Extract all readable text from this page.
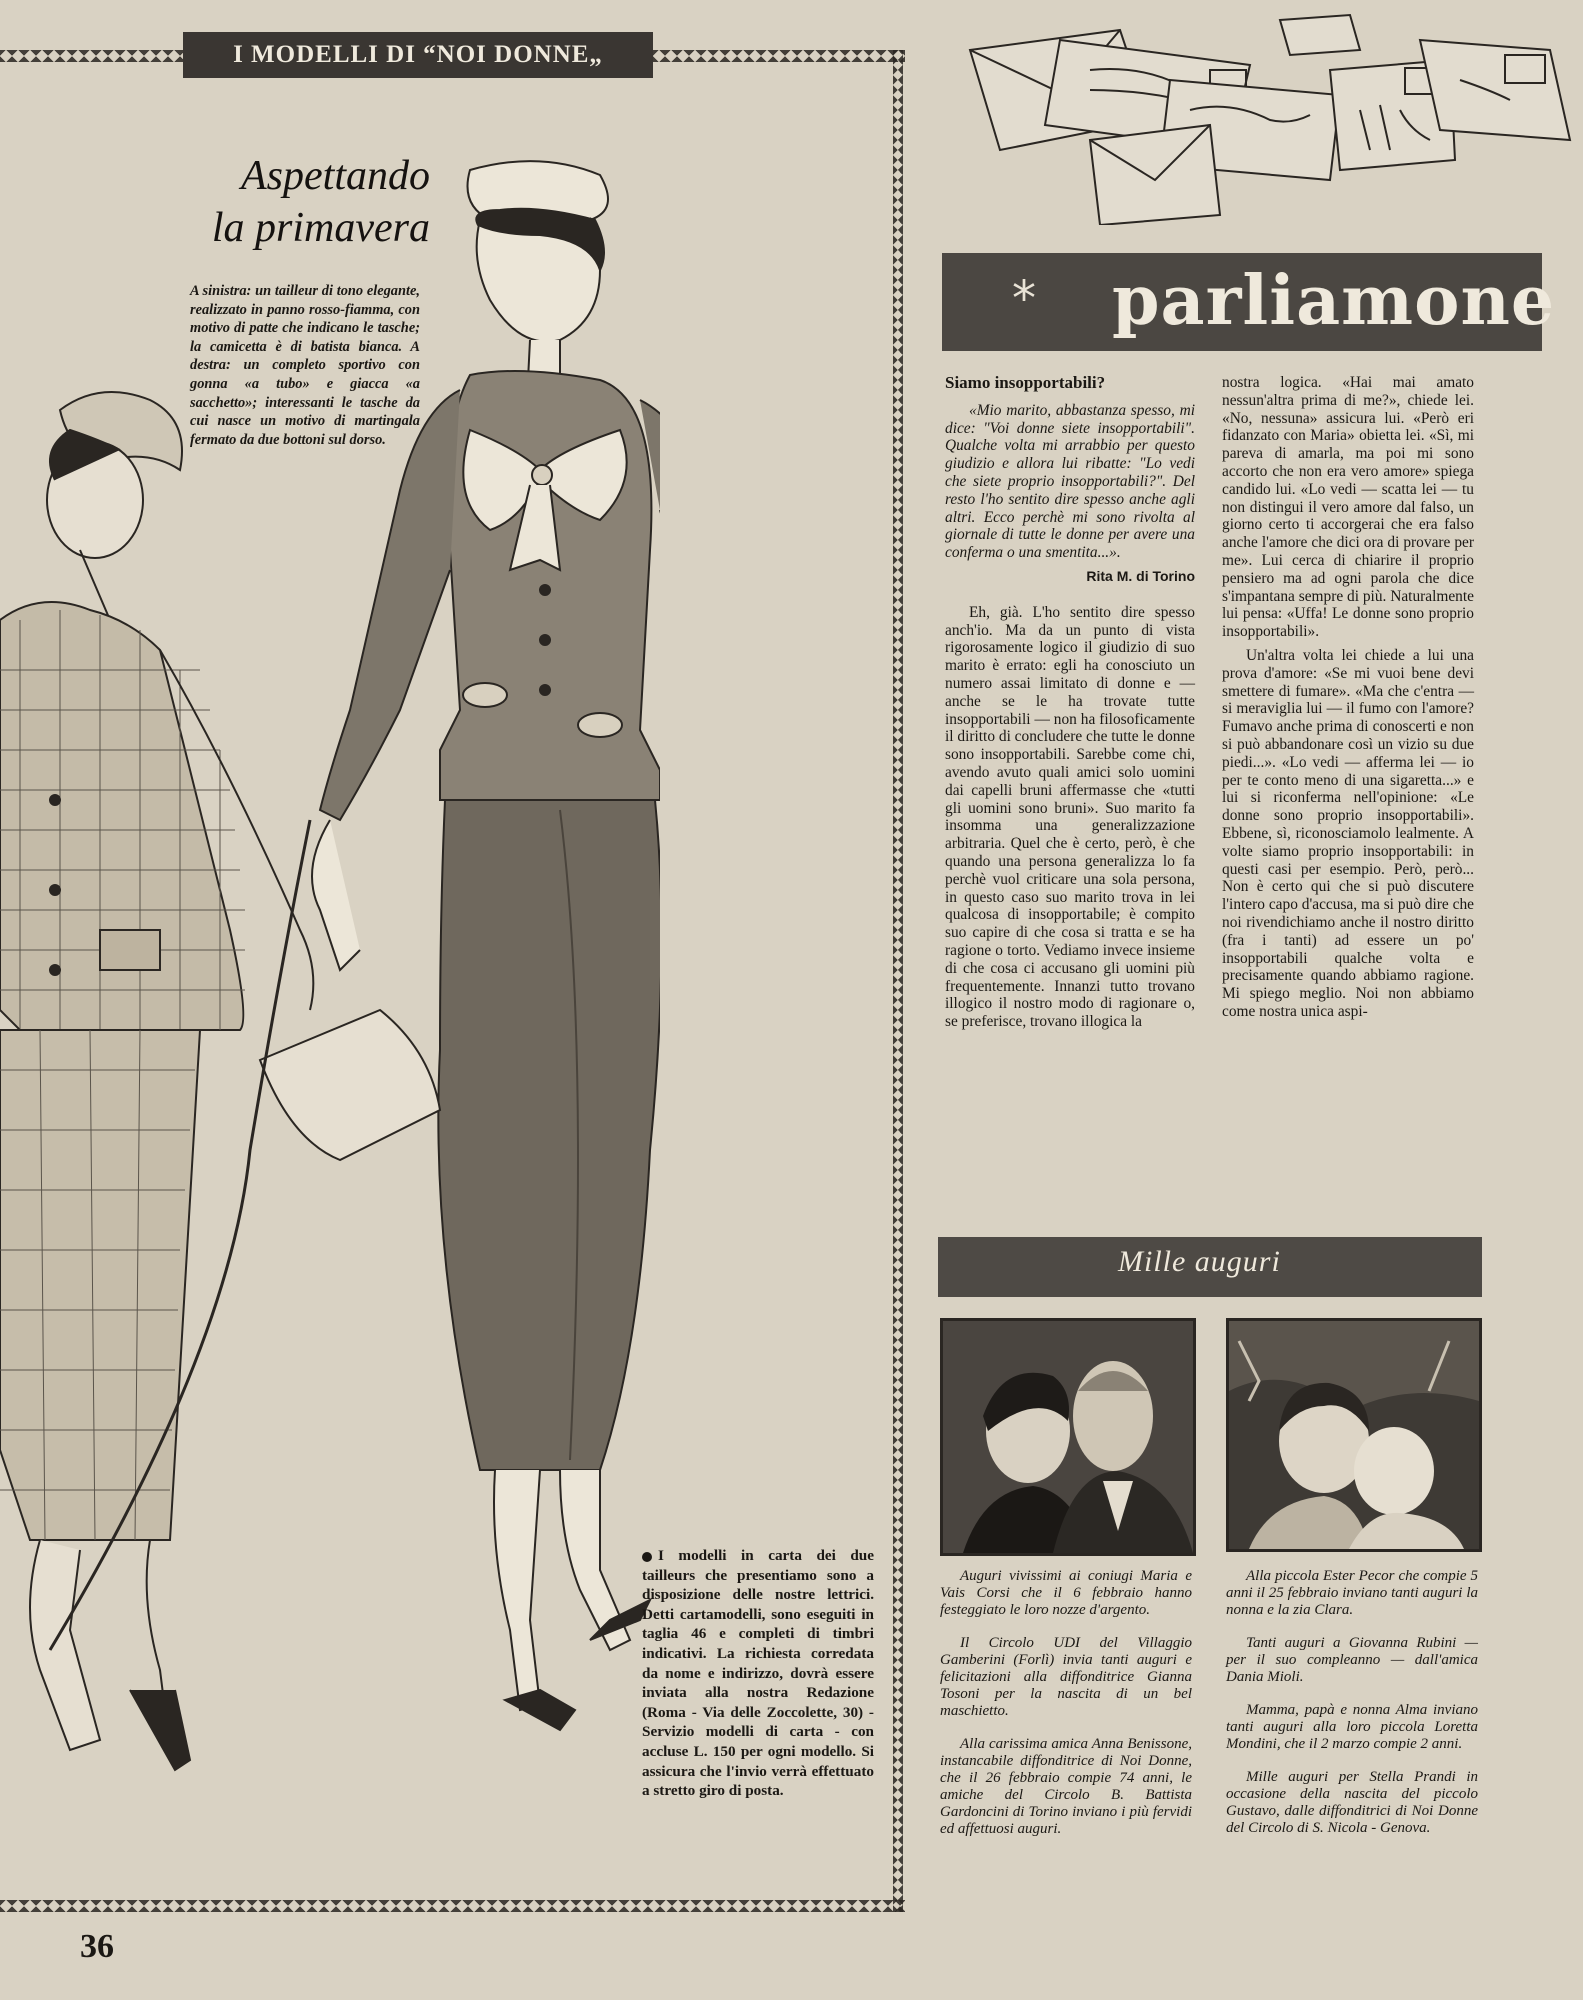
I MODELLI DI “NOI DONNE„
Aspettando
la primavera
A sinistra: un tailleur di tono elegante, realizzato in panno rosso-fiamma, con motivo di patte che indicano le tasche; la camicetta è di batista bianca. A destra: un completo sportivo con gonna «a tubo» e giacca «a sacchetto»; interessanti le tasche da cui nasce un motivo di martingala fermato da due bottoni sul dorso.
I modelli in carta dei due tailleurs che presentiamo sono a disposizione delle nostre lettrici. Detti cartamodelli, sono eseguiti in taglia 46 e completi di timbri indicativi. La richiesta corredata da nome e indirizzo, dovrà essere inviata alla nostra Redazione (Roma - Via delle Zoccolette, 30) - Servizio modelli di carta - con accluse L. 150 per ogni modello. Si assicura che l'invio verrà effettuato a stretto giro di posta.
36
* parliamone

Siamo insopportabili?

«Mio marito, abbastanza spesso, mi dice: "Voi donne siete insopportabili". Qualche volta mi arrabbio per questo giudizio e allora lui ribatte: "Lo vedi che siete proprio insopportabili?". Del resto l'ho sentito dire spesso anche agli altri. Ecco perchè mi sono rivolta al giornale di tutte le donne per avere una conferma o una smentita...».

Rita M. di Torino

Eh, già. L'ho sentito dire spesso anch'io. Ma da un punto di vista rigorosamente logico il giudizio di suo marito è errato: egli ha conosciuto un numero assai limitato di donne e — anche se le ha trovate tutte insopportabili — non ha filosoficamente il diritto di concludere che tutte le donne sono insopportabili. Sarebbe come chi, avendo avuto quali amici solo uomini dai capelli bruni affermasse che «tutti gli uomini sono bruni». Suo marito fa insomma una generalizzazione arbitraria. Quel che è certo, però, è che quando una persona generalizza lo fa perchè vuol criticare una sola persona, in questo caso suo marito trova in lei qualcosa di insopportabile; è compito suo capire di che cosa si tratta e se ha ragione o torto. Vediamo invece insieme di che cosa ci accusano gli uomini più frequentemente. Innanzi tutto trovano illogico il nostro modo di ragionare o, se preferisce, trovano illogica la

nostra logica. «Hai mai amato nessun'altra prima di me?», chiede lei. «No, nessuna» assicura lui. «Però eri fidanzato con Maria» obietta lei. «Sì, mi pareva di amarla, ma poi mi sono accorto che non era vero amore» spiega candido lui. «Lo vedi — scatta lei — tu non distingui il vero amore dal falso, un giorno certo ti accorgerai che era falso anche l'amore che dici ora di provare per me». Lui cerca di chiarire il proprio pensiero ma ad ogni parola che dice s'impantana sempre di più. Naturalmente lui pensa: «Uffa! Le donne sono proprio insopportabili».

Un'altra volta lei chiede a lui una prova d'amore: «Se mi vuoi bene devi smettere di fumare». «Ma che c'entra — si meraviglia lui — il fumo con l'amore? Fumavo anche prima di conoscerti e non si può abbandonare così un vizio su due piedi...». «Lo vedi — afferma lei — io per te conto meno di una sigaretta...» e lui si riconferma nell'opinione: «Le donne sono proprio insopportabili». Ebbene, sì, riconosciamolo lealmente. A volte siamo proprio insopportabili: in questi casi per esempio. Però, però... Non è certo qui che si può discutere l'intero capo d'accusa, ma si può dire che noi rivendichiamo anche il nostro diritto (fra i tanti) ad essere un po' insopportabili qualche volta e precisamente quando abbiamo ragione. Mi spiego meglio. Noi non abbiamo come nostra unica aspi-

Mille auguri

Auguri vivissimi ai coniugi Maria e Vais Corsi che il 6 febbraio hanno festeggiato le loro nozze d'argento.

Il Circolo UDI del Villaggio Gamberini (Forlì) invia tanti auguri e felicitazioni alla diffonditrice Gianna Tosoni per la nascita di un bel maschietto.

Alla carissima amica Anna Benissone, instancabile diffonditrice di Noi Donne, che il 26 febbraio compie 74 anni, le amiche del Circolo B. Battista Gardoncini di Torino inviano i più fervidi ed affettuosi auguri.

Alla piccola Ester Pecor che compie 5 anni il 25 febbraio inviano tanti auguri la nonna e la zia Clara.

Tanti auguri a Giovanna Rubini — per il suo compleanno — dall'amica Dania Mioli.

Mamma, papà e nonna Alma inviano tanti auguri alla loro piccola Loretta Mondini, che il 2 marzo compie 2 anni.

Mille auguri per Stella Prandi in occasione della nascita del piccolo Gustavo, dalle diffonditrici di Noi Donne del Circolo di S. Nicola - Genova.
